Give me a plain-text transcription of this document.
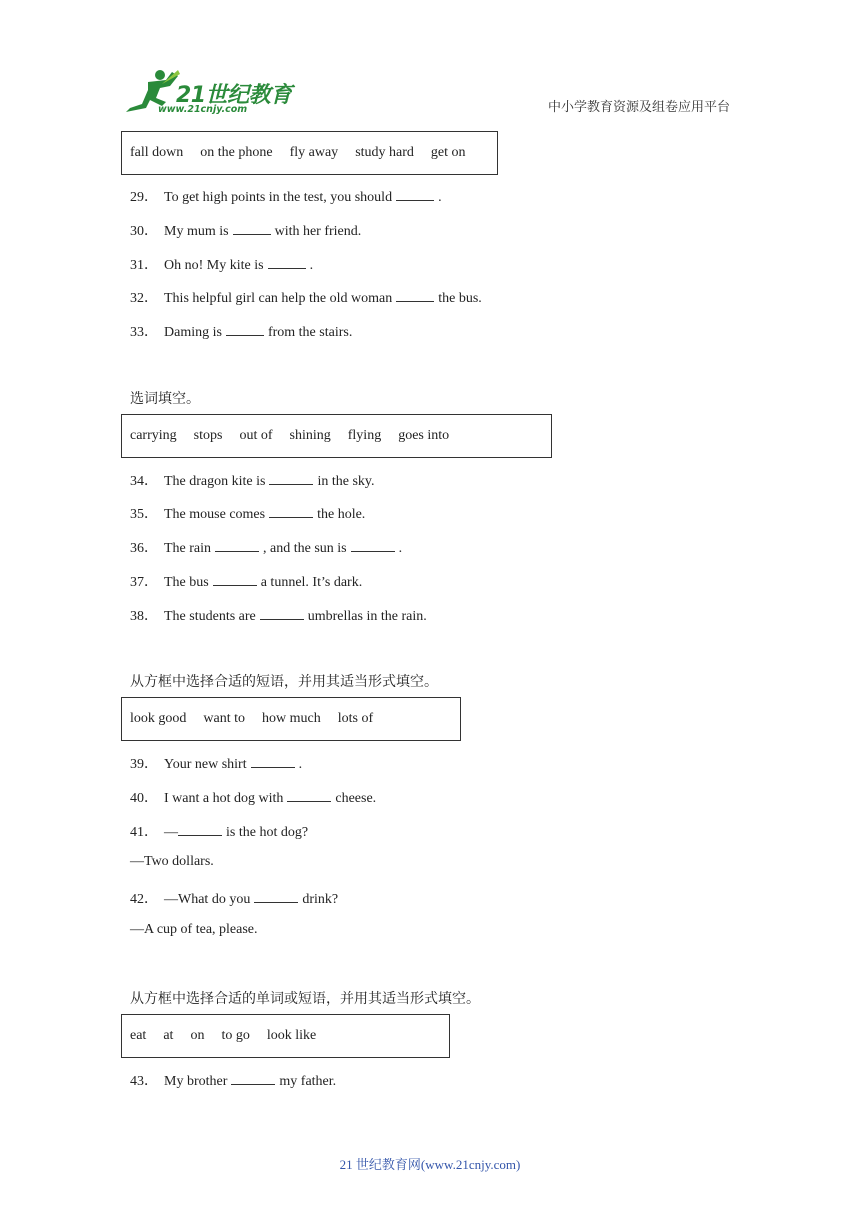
21世纪教育
www.21cnjy.com	中小学教育资源及组卷应用平台
fall down on the phone fly away study hard get on
29． To get high points in the test, you should	.
30． My mum is	with her friend.
31． Oh no! My kite is	.
32． This helpful girl can help the old woman	the bus.
33． Daming is	from the stairs.
选词填空。
carrying stops out of shining flying goes into
34． The dragon kite is	in the sky.
35． The mouse comes	the hole.
36． The rain	, and the sun is	.
37． The bus	a tunnel. It’s dark.
38． The students are	umbrellas in the rain.
从方框中选择合适的短语，并用其适当形式填空。
look good want to how much lots of
39． Your new shirt	.
40． I want a hot dog with	cheese.
41． —	is the hot dog?
—Two dollars.
42． —What do you	drink?
—A cup of tea, please.
从方框中选择合适的单词或短语，并用其适当形式填空。
eat at on to go look like
43． My brother	my father.
21 世纪教育网(www.21cnjy.com)
